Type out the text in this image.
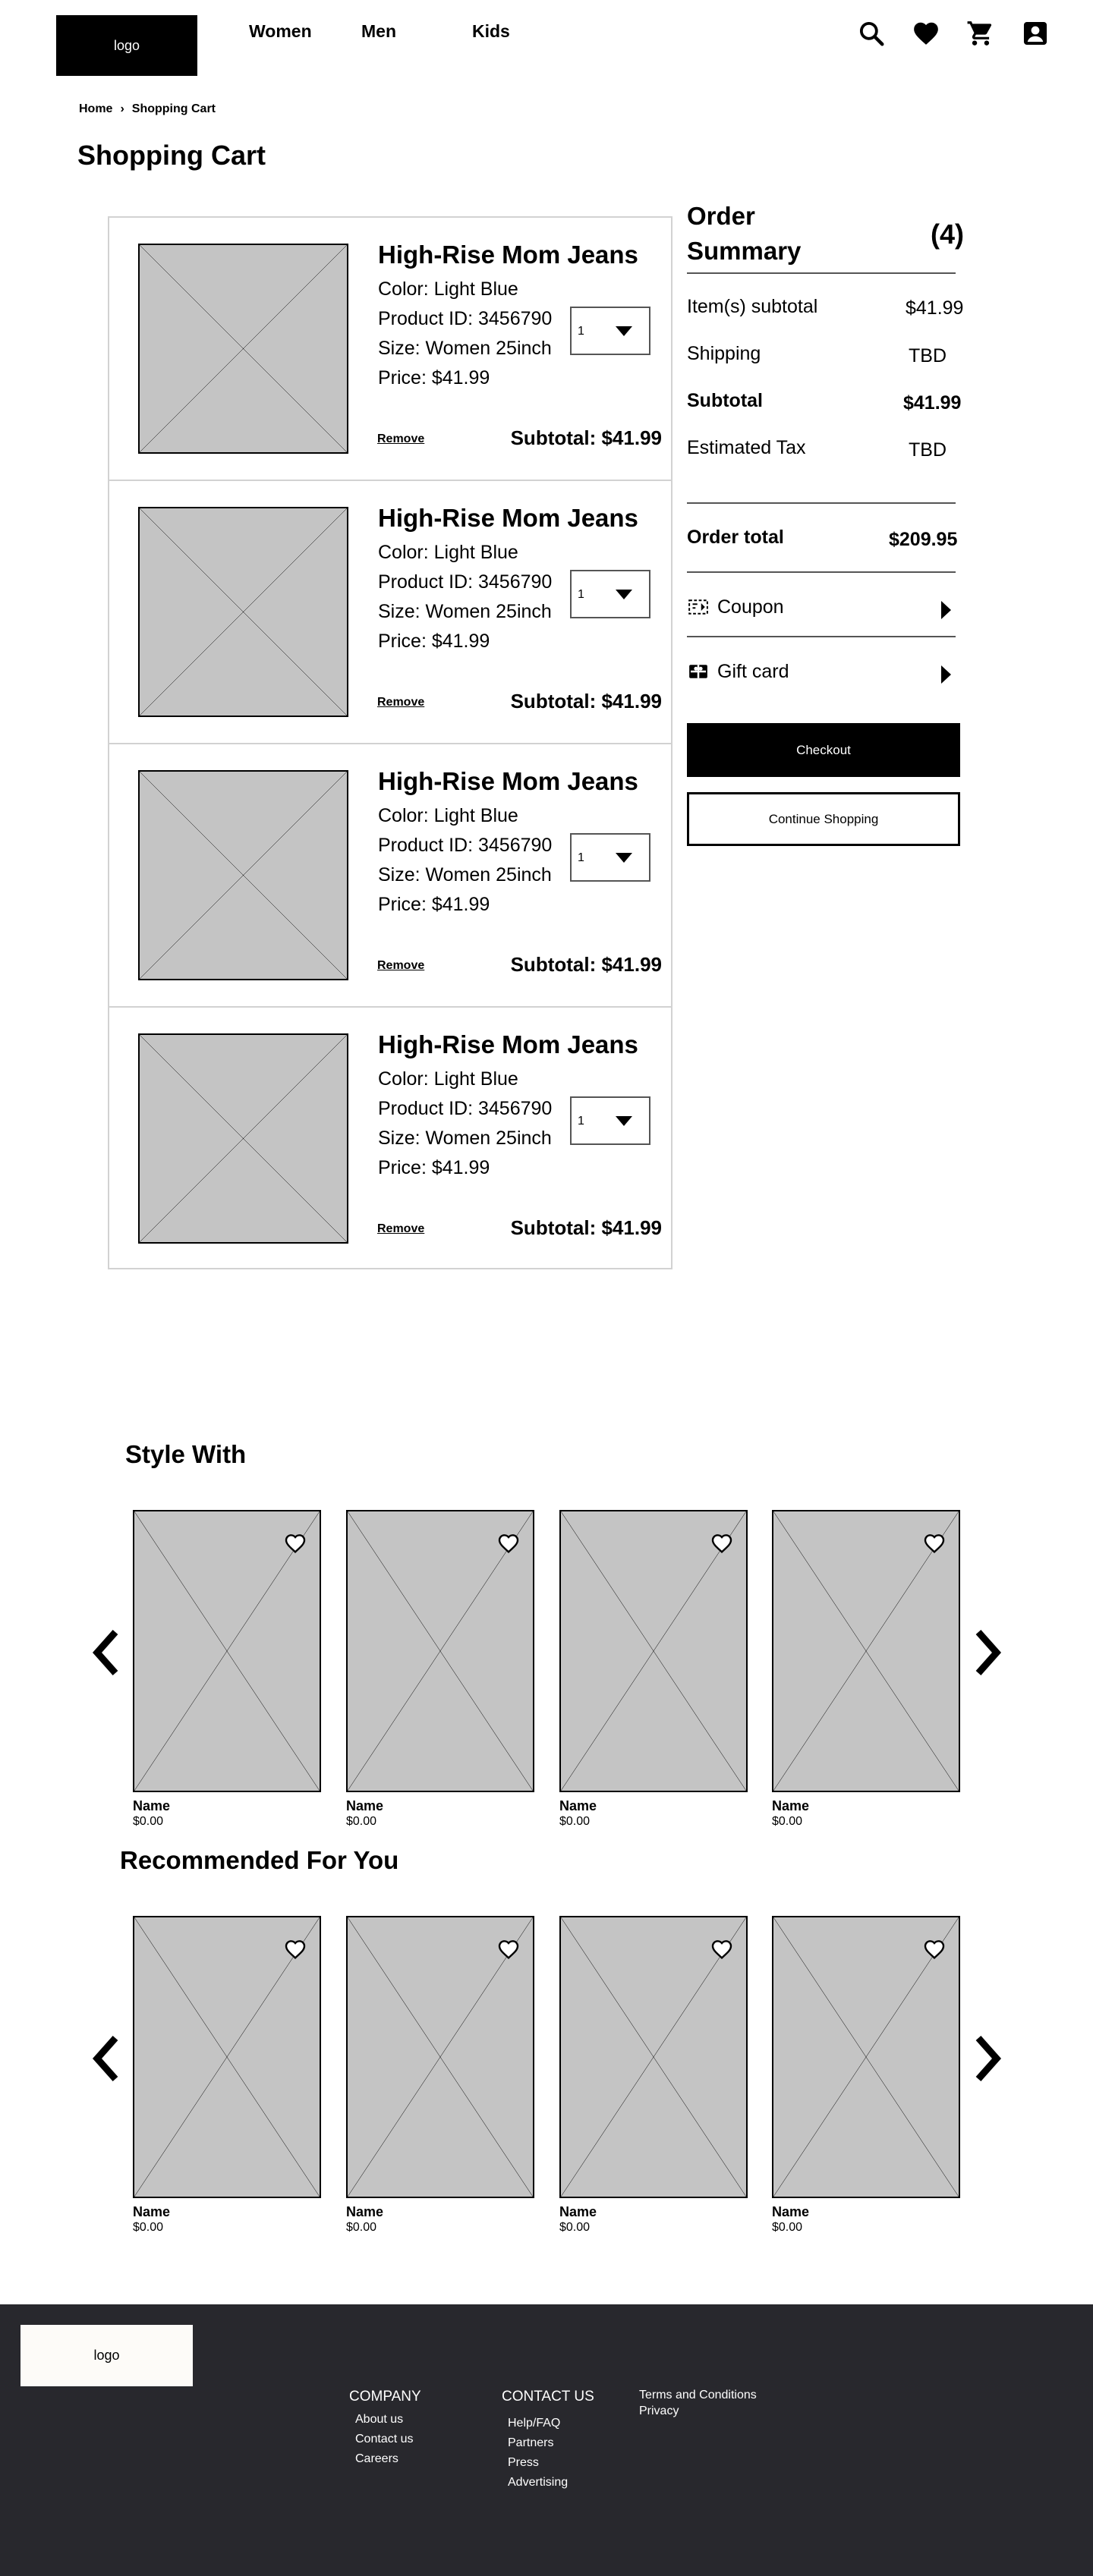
logo
Women	Men	Kids
Home › Shopping Cart
Shopping Cart
High-Rise Mom Jeans
Color: Light Blue
Product ID: 3456790
Size: Women 25inch
Price: $41.99
1
Remove	Subtotal: $41.99
High-Rise Mom Jeans
Color: Light Blue
Product ID: 3456790
Size: Women 25inch
Price: $41.99
1
Remove	Subtotal: $41.99
High-Rise Mom Jeans
Color: Light Blue
Product ID: 3456790
Size: Women 25inch
Price: $41.99
1
Remove	Subtotal: $41.99
High-Rise Mom Jeans
Color: Light Blue
Product ID: 3456790
Size: Women 25inch
Price: $41.99
1
Remove	Subtotal: $41.99
Order
Summary
(4)
Item(s) subtotal	$41.99
Shipping	TBD
Subtotal	$41.99
Estimated Tax	TBD
Order total	$209.95
Coupon
Gift card
Checkout
Continue Shopping
Style With
Name
$0.00
Name
$0.00
Name
$0.00
Name
$0.00
Recommended For You
Name
$0.00
Name
$0.00
Name
$0.00
Name
$0.00
logo
COMPANY
About us
Contact us
Careers
CONTACT US
Help/FAQ
Partners
Press
Advertising
Terms and Conditions
Privacy
